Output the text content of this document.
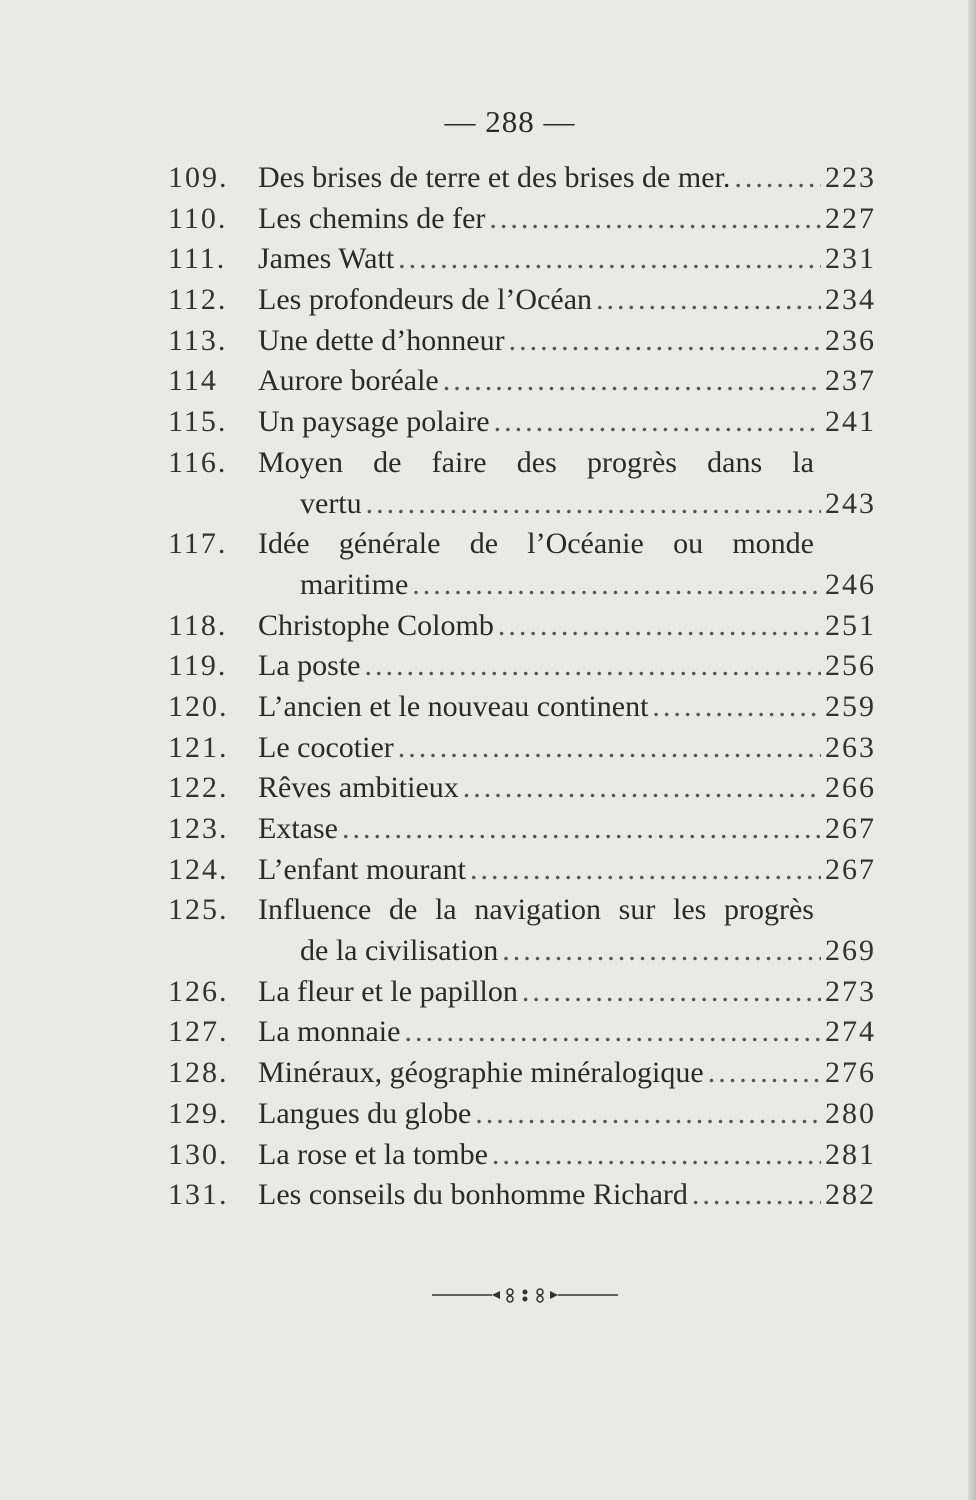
— 288 —
109. Des brises de terre et des brises de mer. .....	223
110. Les chemins de fer .....	227
111. James Watt .....	231
112. Les profondeurs de l’Océan .....	234
113. Une dette d’honneur .....	236
114 Aurore boréale .....	237
115. Un paysage polaire .....	241
116. Moyen de faire des progrès dans la
vertu .....	243
117. Idée générale de l’Océanie ou monde
maritime .....	246
118. Christophe Colomb .....	251
119. La poste .....	256
120. L’ancien et le nouveau continent .....	259
121. Le cocotier .....	263
122. Rêves ambitieux .....	266
123. Extase .....	267
124. L’enfant mourant .....	267
125. Influence de la navigation sur les progrès
de la civilisation .....	269
126. La fleur et le papillon .....	273
127. La monnaie .....	274
128. Minéraux, géographie minéralogique .....	276
129. Langues du globe .....	280
130. La rose et la tombe .....	281
131. Les conseils du bonhomme Richard .....	282
